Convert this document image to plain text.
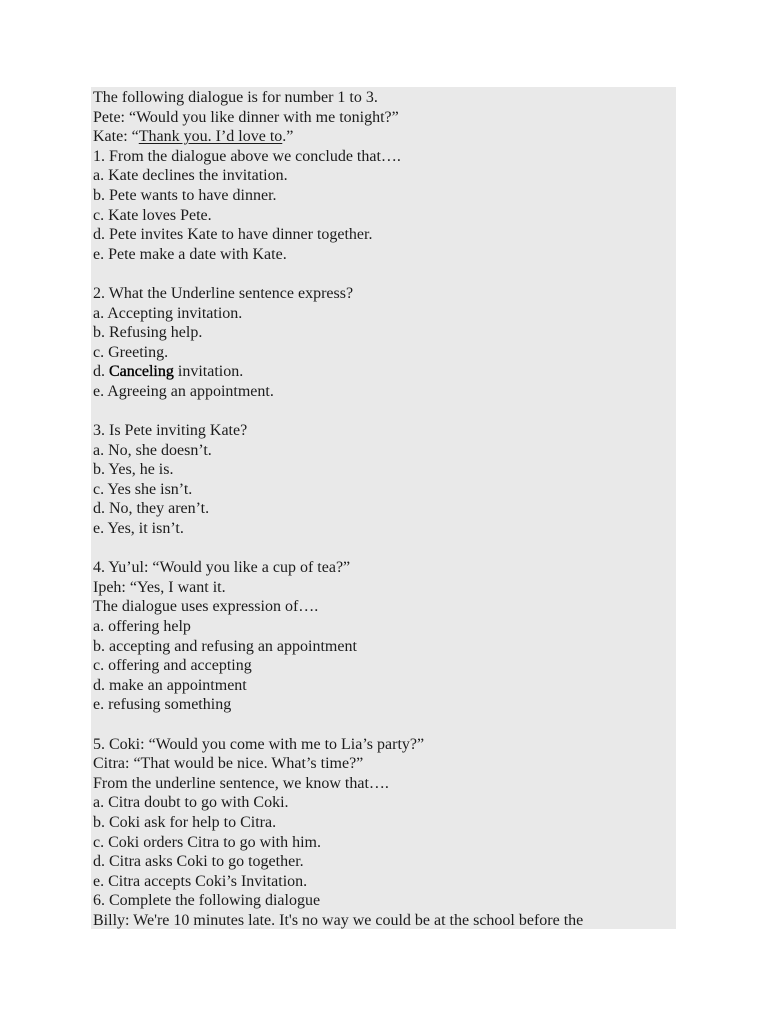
The following dialogue is for number 1 to 3.
Pete: “Would you like dinner with me tonight?”
Kate: “Thank you. I’d love to.”
1. From the dialogue above we conclude that….
a. Kate declines the invitation.
b. Pete wants to have dinner.
c. Kate loves Pete.
d. Pete invites Kate to have dinner together.
e. Pete make a date with Kate.
2. What the Underline sentence express?
a. Accepting invitation.
b. Refusing help.
c. Greeting.
d. Canceling invitation.
e. Agreeing an appointment.
3. Is Pete inviting Kate?
a. No, she doesn’t.
b. Yes, he is.
c. Yes she isn’t.
d. No, they aren’t.
e. Yes, it isn’t.
4. Yu’ul: “Would you like a cup of tea?”
Ipeh: “Yes, I want it.
The dialogue uses expression of….
a. offering help
b. accepting and refusing an appointment
c. offering and accepting
d. make an appointment
e. refusing something
5. Coki: “Would you come with me to Lia’s party?”
Citra: “That would be nice. What’s time?”
From the underline sentence, we know that….
a. Citra doubt to go with Coki.
b. Coki ask for help to Citra.
c. Coki orders Citra to go with him.
d. Citra asks Coki to go together.
e. Citra accepts Coki’s Invitation.
6. Complete the following dialogue
Billy: We're 10 minutes late. It's no way we could be at the school before the
